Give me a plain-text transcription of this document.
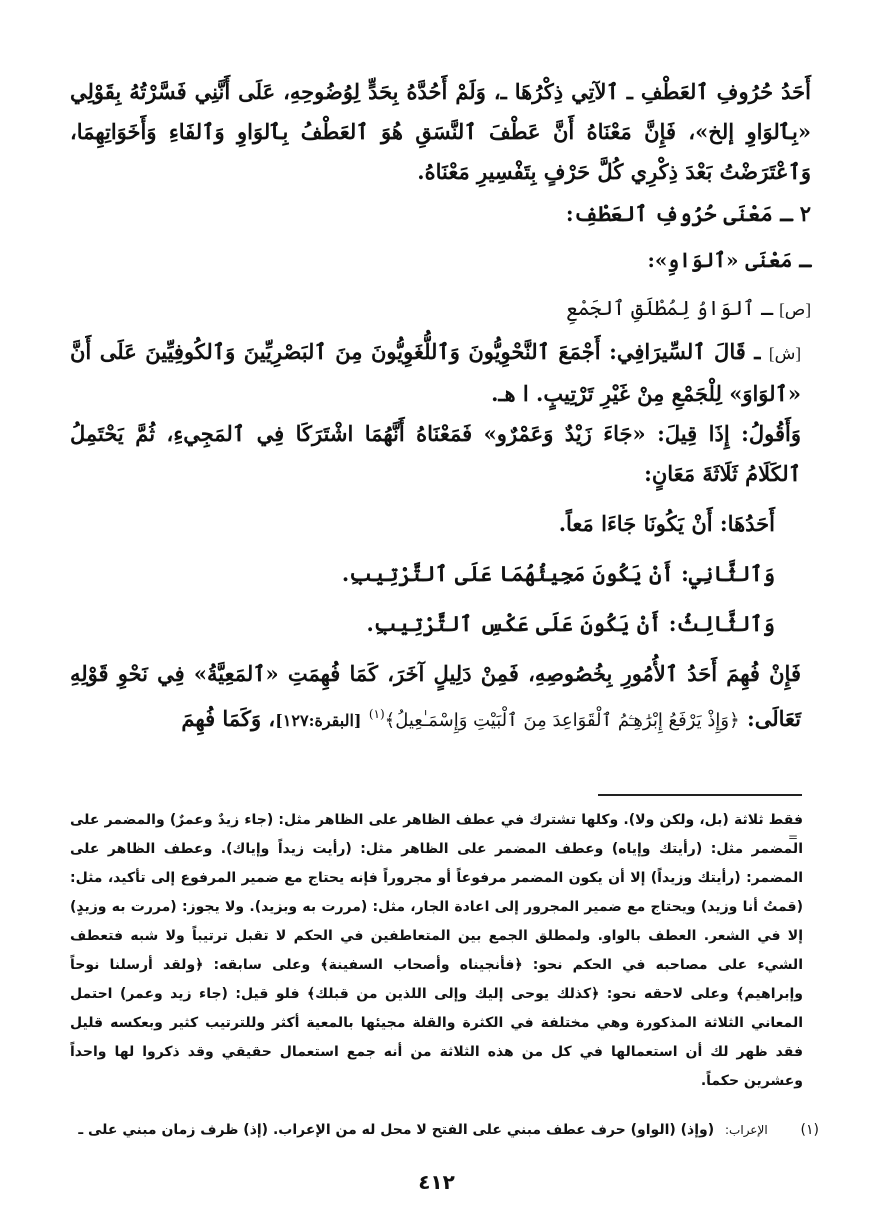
أَحَدُ حُرُوفِ ٱلعَطْفِ ـ ٱلآتِي ذِكْرُهَا ـ، وَلَمْ أَحُدَّهُ بِحَدٍّ لِوُضُوحِهِ، عَلَى أَنَّنِي فَسَّرْتُهُ بِقَوْلِي «بِٱلوَاوِ إلخ»، فَإِنَّ مَعْنَاهُ أَنَّ عَطْفَ ٱلنَّسَقِ هُوَ ٱلعَطْفُ بِٱلوَاوِ وَٱلفَاءِ وَأَخَوَاتِهِمَا، وَٱعْتَرَضْتُ بَعْدَ ذِكْرِي كُلَّ حَرْفٍ بِتَفْسِيرِ مَعْنَاهُ.

٢ ـ مَعْنَى حُرُوفِ ٱلعَطْفِ:

ـ مَعْنَى «ٱلوَاوِ»:

[ص] ـ ٱلوَاوُ لِمُطْلَقِ ٱلجَمْعِ

[ش] ـ قَالَ ٱلسِّيرَافِي: أَجْمَعَ ٱلنَّحْوِيُّونَ وَٱللُّغَوِيُّونَ مِنَ ٱلبَصْرِيِّينَ وَٱلكُوفِيِّينَ عَلَى أَنَّ «ٱلوَاوَ» لِلْجَمْعِ مِنْ غَيْرِ تَرْتِيبٍ. ا هـ.

وَأَقُولُ: إِذَا قِيلَ: «جَاءَ زَيْدٌ وَعَمْرٌو» فَمَعْنَاهُ أَنَّهُمَا اشْتَرَكَا فِي ٱلمَجِيءِ، ثُمَّ يَحْتَمِلُ ٱلكَلَامُ ثَلَاثَةَ مَعَانٍ:

أَحَدُهَا: أَنْ يَكُونَا جَاءَا مَعاً.

وَٱلثَّانِي: أَنْ يَكُونَ مَجِيئُهُمَا عَلَى ٱلتَّرْتِيبِ.

وَٱلثَّالِثُ: أَنْ يَكُونَ عَلَى عَكْسِ ٱلتَّرْتِيبِ.

فَإِنْ فُهِمَ أَحَدُ ٱلأُمُورِ بِخُصُوصِهِ، فَمِنْ دَلِيلٍ آخَرَ، كَمَا فُهِمَتِ «ٱلمَعِيَّةُ» فِي نَحْوِ قَوْلِهِ تَعَالَى: ﴿وَإِذْ يَرْفَعُ إِبْرَٰهِـۧمُ ٱلْقَوَاعِدَ مِنَ ٱلْبَيْتِ وَإِسْمَـٰعِيلُ﴾$^{(١)}$ [البقرة:١٢٧]، وَكَمَا فُهِمَ

=
فقط ثلاثة (بل، ولكن ولا). وكلها تشترك في عطف الظاهر على الظاهر مثل: (جاء زيدٌ وعمرٌ) والمضمر على المضمر مثل: (رأيتك وإياه) وعطف المضمر على الظاهر مثل: (رأيت زيداً وإياك). وعطف الظاهر على المضمر: (رأيتك وزيداً) إلا أن يكون المضمر مرفوعاً أو مجروراً فإنه يحتاج مع ضمير المرفوع إلى تأكيد، مثل: (قمتُ أنا وزيد) ويحتاج مع ضمير المجرور إلى اعادة الجار، مثل: (مررت به وبزيد). ولا يجوز: (مررت به وزيدٍ) إلا في الشعر. العطف بالواو. ولمطلق الجمع بين المتعاطفين في الحكم لا تقبل ترتيباً ولا شبه فتعطف الشيء على مصاحبه في الحكم نحو: ﴿فأنجيناه وأصحاب السفينة﴾ وعلى سابقه: ﴿ولقد أرسلنا نوحاً وإبراهيم﴾ وعلى لاحقه نحو: ﴿كذلك يوحى إليك وإلى اللذين من قبلك﴾ فلو قيل: (جاء زيد وعمر) احتمل المعاني الثلاثة المذكورة وهي مختلفة في الكثرة والقلة مجيئها بالمعية أكثر وللترتيب كثير وبعكسه قليل فقد ظهر لك أن استعمالها في كل من هذه الثلاثة من أنه جمع استعمال حقيقي وقد ذكروا لها واحداً وعشرين حكماً.
(١) الإعراب: (وإذ) (الواو) حرف عطف مبني على الفتح لا محل له من الإعراب. (إذ) ظرف زمان مبني على ـ
٤١٢
